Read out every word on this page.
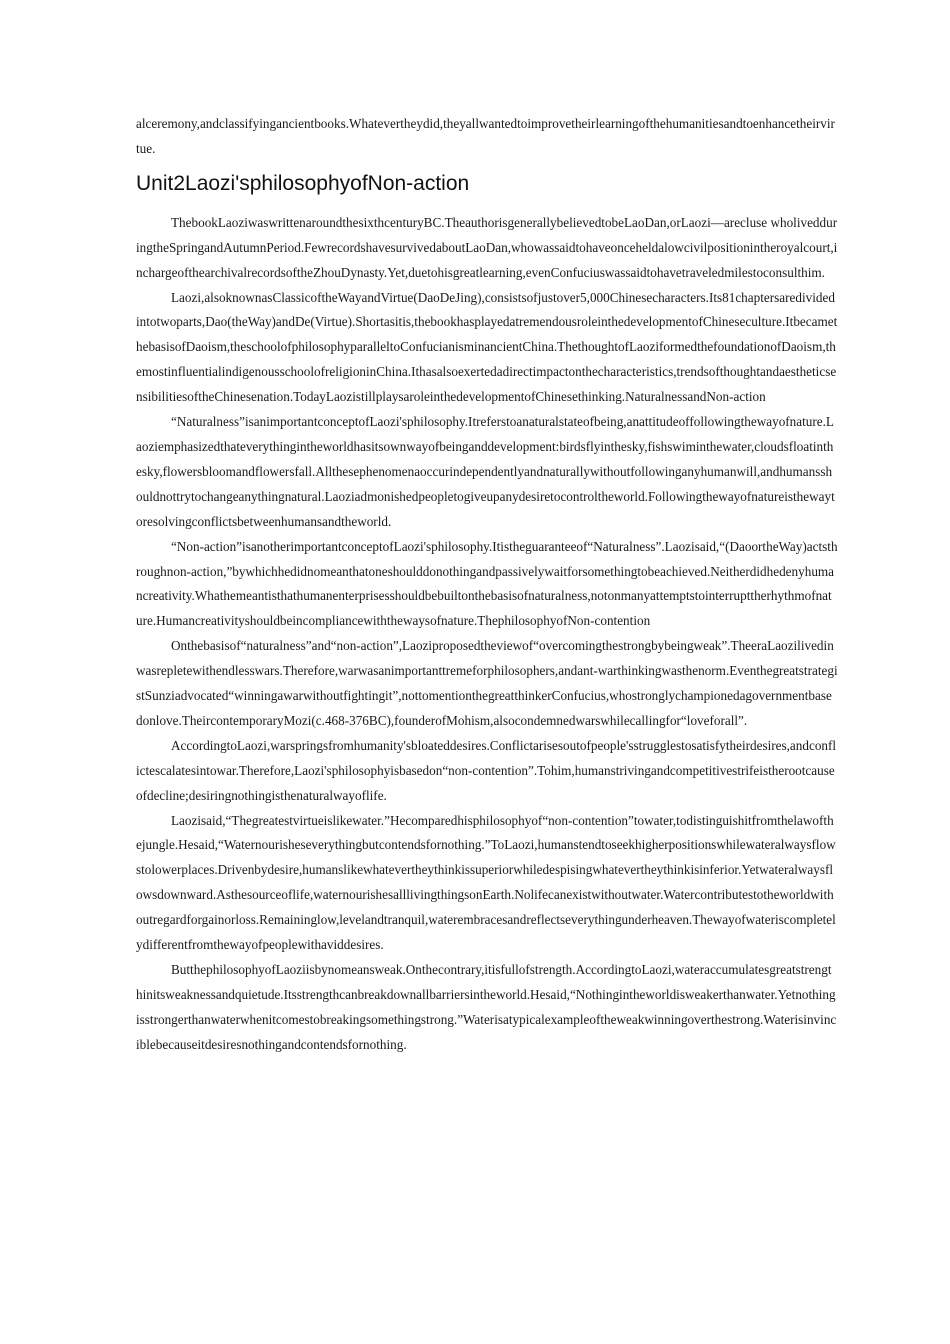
alceremony,andclassifyingancientbooks.Whatevertheydid,theyallwantedtoimprovetheirlearningofthehumanitiesandtoenhancetheirvirtue.

Unit2Laozi'sphilosophyofNon-action

ThebookLaoziwaswrittenaroundthesixthcenturyBC.TheauthorisgenerallybelievedtobeLaoDan,orLaozi—arecluse wholivedduringtheSpringandAutumnPeriod.FewrecordshavesurvivedaboutLaoDan,whowassaidtohaveonceheldalowcivilpositionintheroyalcourt,inchargeofthearchivalrecordsoftheZhouDynasty.Yet,duetohisgreatlearning,evenConfuciuswassaidtohavetraveledmilestoconsulthim.

Laozi,alsoknownasClassicoftheWayandVirtue(DaoDeJing),consistsofjustover5,000Chinesecharacters.Its81chaptersaredividedintotwoparts,Dao(theWay)andDe(Virtue).Shortasitis,thebookhasplayedatremendousroleinthedevelopmentofChineseculture.ItbecamethebasisofDaoism,theschoolofphilosophyparalleltoConfucianisminancientChina.ThethoughtofLaoziformedthefoundationofDaoism,themostinfluentialindigenousschoolofreligioninChina.Ithasalsoexertedadirectimpactonthecharacteristics,trendsofthoughtandaestheticsensibilitiesoftheChinesenation.TodayLaozistillplaysaroleinthedevelopmentofChinesethinking.NaturalnessandNon-action

“Naturalness”isanimportantconceptofLaozi'sphilosophy.Itreferstoanaturalstateofbeing,anattitudeoffollowingthewayofnature.Laoziemphasizedthateverythingintheworldhasitsownwayofbeinganddevelopment:birdsflyinthesky,fishswiminthewater,cloudsfloatinthesky,flowersbloomandflowersfall.Allthesephenomenaoccurindependentlyandnaturallywithoutfollowinganyhumanwill,andhumansshouldnottrytochangeanythingnatural.Laoziadmonishedpeopletogiveupanydesiretocontroltheworld.Followingthewayofnatureisthewaytoresolvingconflictsbetweenhumansandtheworld.

“Non-action”isanotherimportantconceptofLaozi'sphilosophy.Itistheguaranteeof“Naturalness”.Laozisaid,“(DaoortheWay)actsthroughnon-action,”bywhichhedidnomeanthatoneshoulddonothingandpassivelywaitforsomethingtobeachieved.Neitherdidhedenyhumancreativity.Whathemeantisthathumanenterprisesshouldbebuiltonthebasisofnaturalness,notonmanyattemptstointerrupttherhythmofnature.Humancreativityshouldbeincompliancewiththewaysofnature.ThephilosophyofNon-contention

Onthebasisof“naturalness”and“non-action”,Laoziproposedtheviewof“overcomingthestrongbybeingweak”.TheeraLaozilivedinwasrepletewithendlesswars.Therefore,warwasanimportanttremeforphilosophers,andant-warthinkingwasthenorm.EventhegreatstrategistSunziadvocated“winningawarwithoutfightingit”,nottomentionthegreatthinkerConfucius,whostronglychampionedagovernmentbasedonlove.TheircontemporaryMozi(c.468-376BC),founderofMohism,alsocondemnedwarswhilecallingfor“loveforall”.

AccordingtoLaozi,warspringsfromhumanity'sbloateddesires.Conflictarisesoutofpeople'sstrugglestosatisfytheirdesires,andconflictescalatesintowar.Therefore,Laozi'sphilosophyisbasedon“non-contention”.Tohim,humanstrivingandcompetitivestrifeistherootcauseofdecline;desiringnothingisthenaturalwayoflife.

Laozisaid,“Thegreatestvirtueislikewater.”Hecomparedhisphilosophyof“non-contention”towater,todistinguishitfromthelawofthejungle.Hesaid,“Waternourisheseverythingbutcontendsfornothing.”ToLaozi,humanstendtoseekhigherpositionswhilewateralwaysflowstolowerplaces.Drivenbydesire,humanslikewhatevertheythinkissuperiorwhiledespisingwhatevertheythinkisinferior.Yetwateralwaysflowsdownward.Asthesourceoflife,waternourishesalllivingthingsonEarth.Nolifecanexistwithoutwater.Watercontributestotheworldwithoutregardforgainorloss.Remaininglow,levelandtranquil,waterembracesandreflectseverythingunderheaven.Thewayofwateriscompletelydifferentfromthewayofpeoplewithaviddesires.

ButthephilosophyofLaoziisbynomeansweak.Onthecontrary,itisfullofstrength.AccordingtoLaozi,wateraccumulatesgreatstrengthinitsweaknessandquietude.Itsstrengthcanbreakdownallbarriersintheworld.Hesaid,“Nothingintheworldisweakerthanwater.Yetnothingisstrongerthanwaterwhenitcomestobreakingsomethingstrong.”Waterisatypicalexampleoftheweakwinningoverthestrong.Waterisinvinciblebecauseitdesiresnothingandcontendsfornothing.
